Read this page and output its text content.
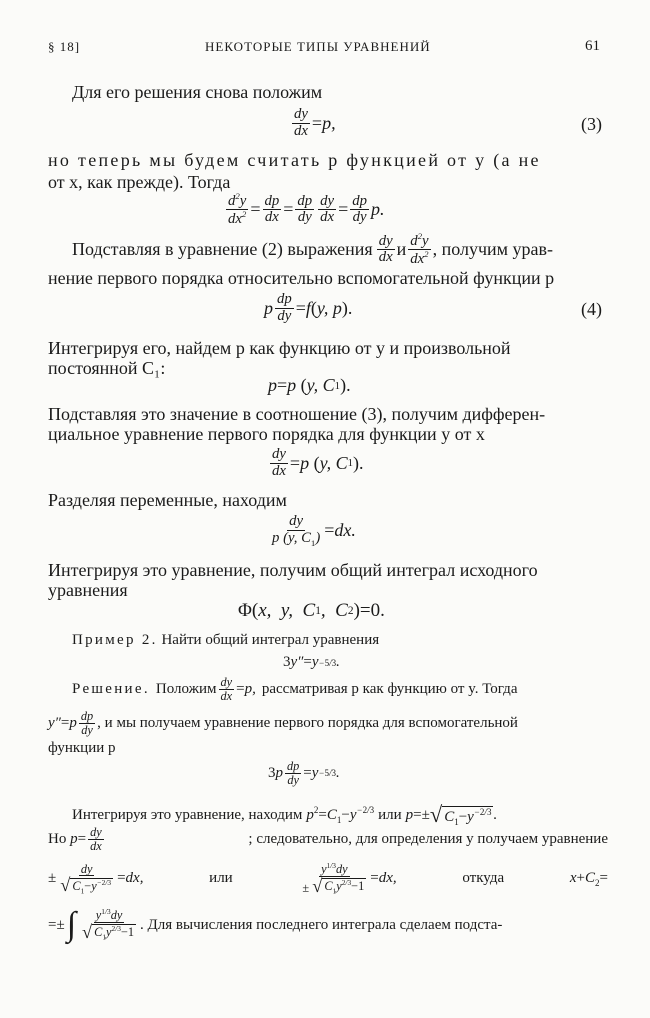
§ 18]	НЕКОТОРЫЕ ТИПЫ УРАВНЕНИЙ	61
Для его решения снова положим
$\frac{dy}{dx} = p$,	(3)
но теперь мы будем считать p функцией от y (а не
от x, как прежде). Тогда
$\frac{d^2y}{dx^2} = \frac{dp}{dx} = \frac{dp}{dy} \frac{dy}{dx} = \frac{dp}{dy} p$.
Подставляя в уравнение (2) выражения $\frac{dy}{dx}$ и $\frac{d^2y}{dx^2}$ , получим урав-
нение первого порядка относительно вспомогательной функции p
p $\frac{dp}{dy} = f$ ( y, p ).	(4)
Интегрируя его, найдем p как функцию от y и произвольной
постоянной C₁:
p = p ( y, C 1 ).
Подставляя это значение в соотношение (3), получим дифферен-
циальное уравнение первого порядка для функции y от x
$\frac{dy}{dx} = p$ ( y, C 1 ).
Разделяя переменные, находим
$\frac{dy}{p (y, C_1)}$ = dx.
Интегрируя это уравнение, получим общий интеграл исходного
уравнения
Φ( x,  y,  C 1 ,  C 2 )=0.
Пример 2. Найти общий интеграл уравнения
3 y″ = y −5/3 .
Решение. Положим $\frac{dy}{dx} = p$, рассматривая p как функцию от y. Тогда
y″ = p $\frac{dp}{dy}$ , и мы получаем уравнение первого порядка для вспомогательной
функции p
3 p $\frac{dp}{dy} = y -5/3$ .
Интегрируя это уравнение, находим $p^2=C_1-y^{-2/3}$ или p =± √ $C_1-y^{-2/3}$ .
Но $p = \frac{dy}{dx}$	; следовательно, для определения y получаем уравнение
± $\frac{dy}{√ C_1-y^{-2/3}}$ = dx,	или	$\frac{y^{1/3}dy}{\pm √ C_1y^{2/3}-1}$ = dx,	откуда	$x+C_2=$
=± ∫ $\frac{y^{1/3}dy}{√ C_1y^{2/3}-1}$ . Для вычисления последнего интеграла сделаем подста-
